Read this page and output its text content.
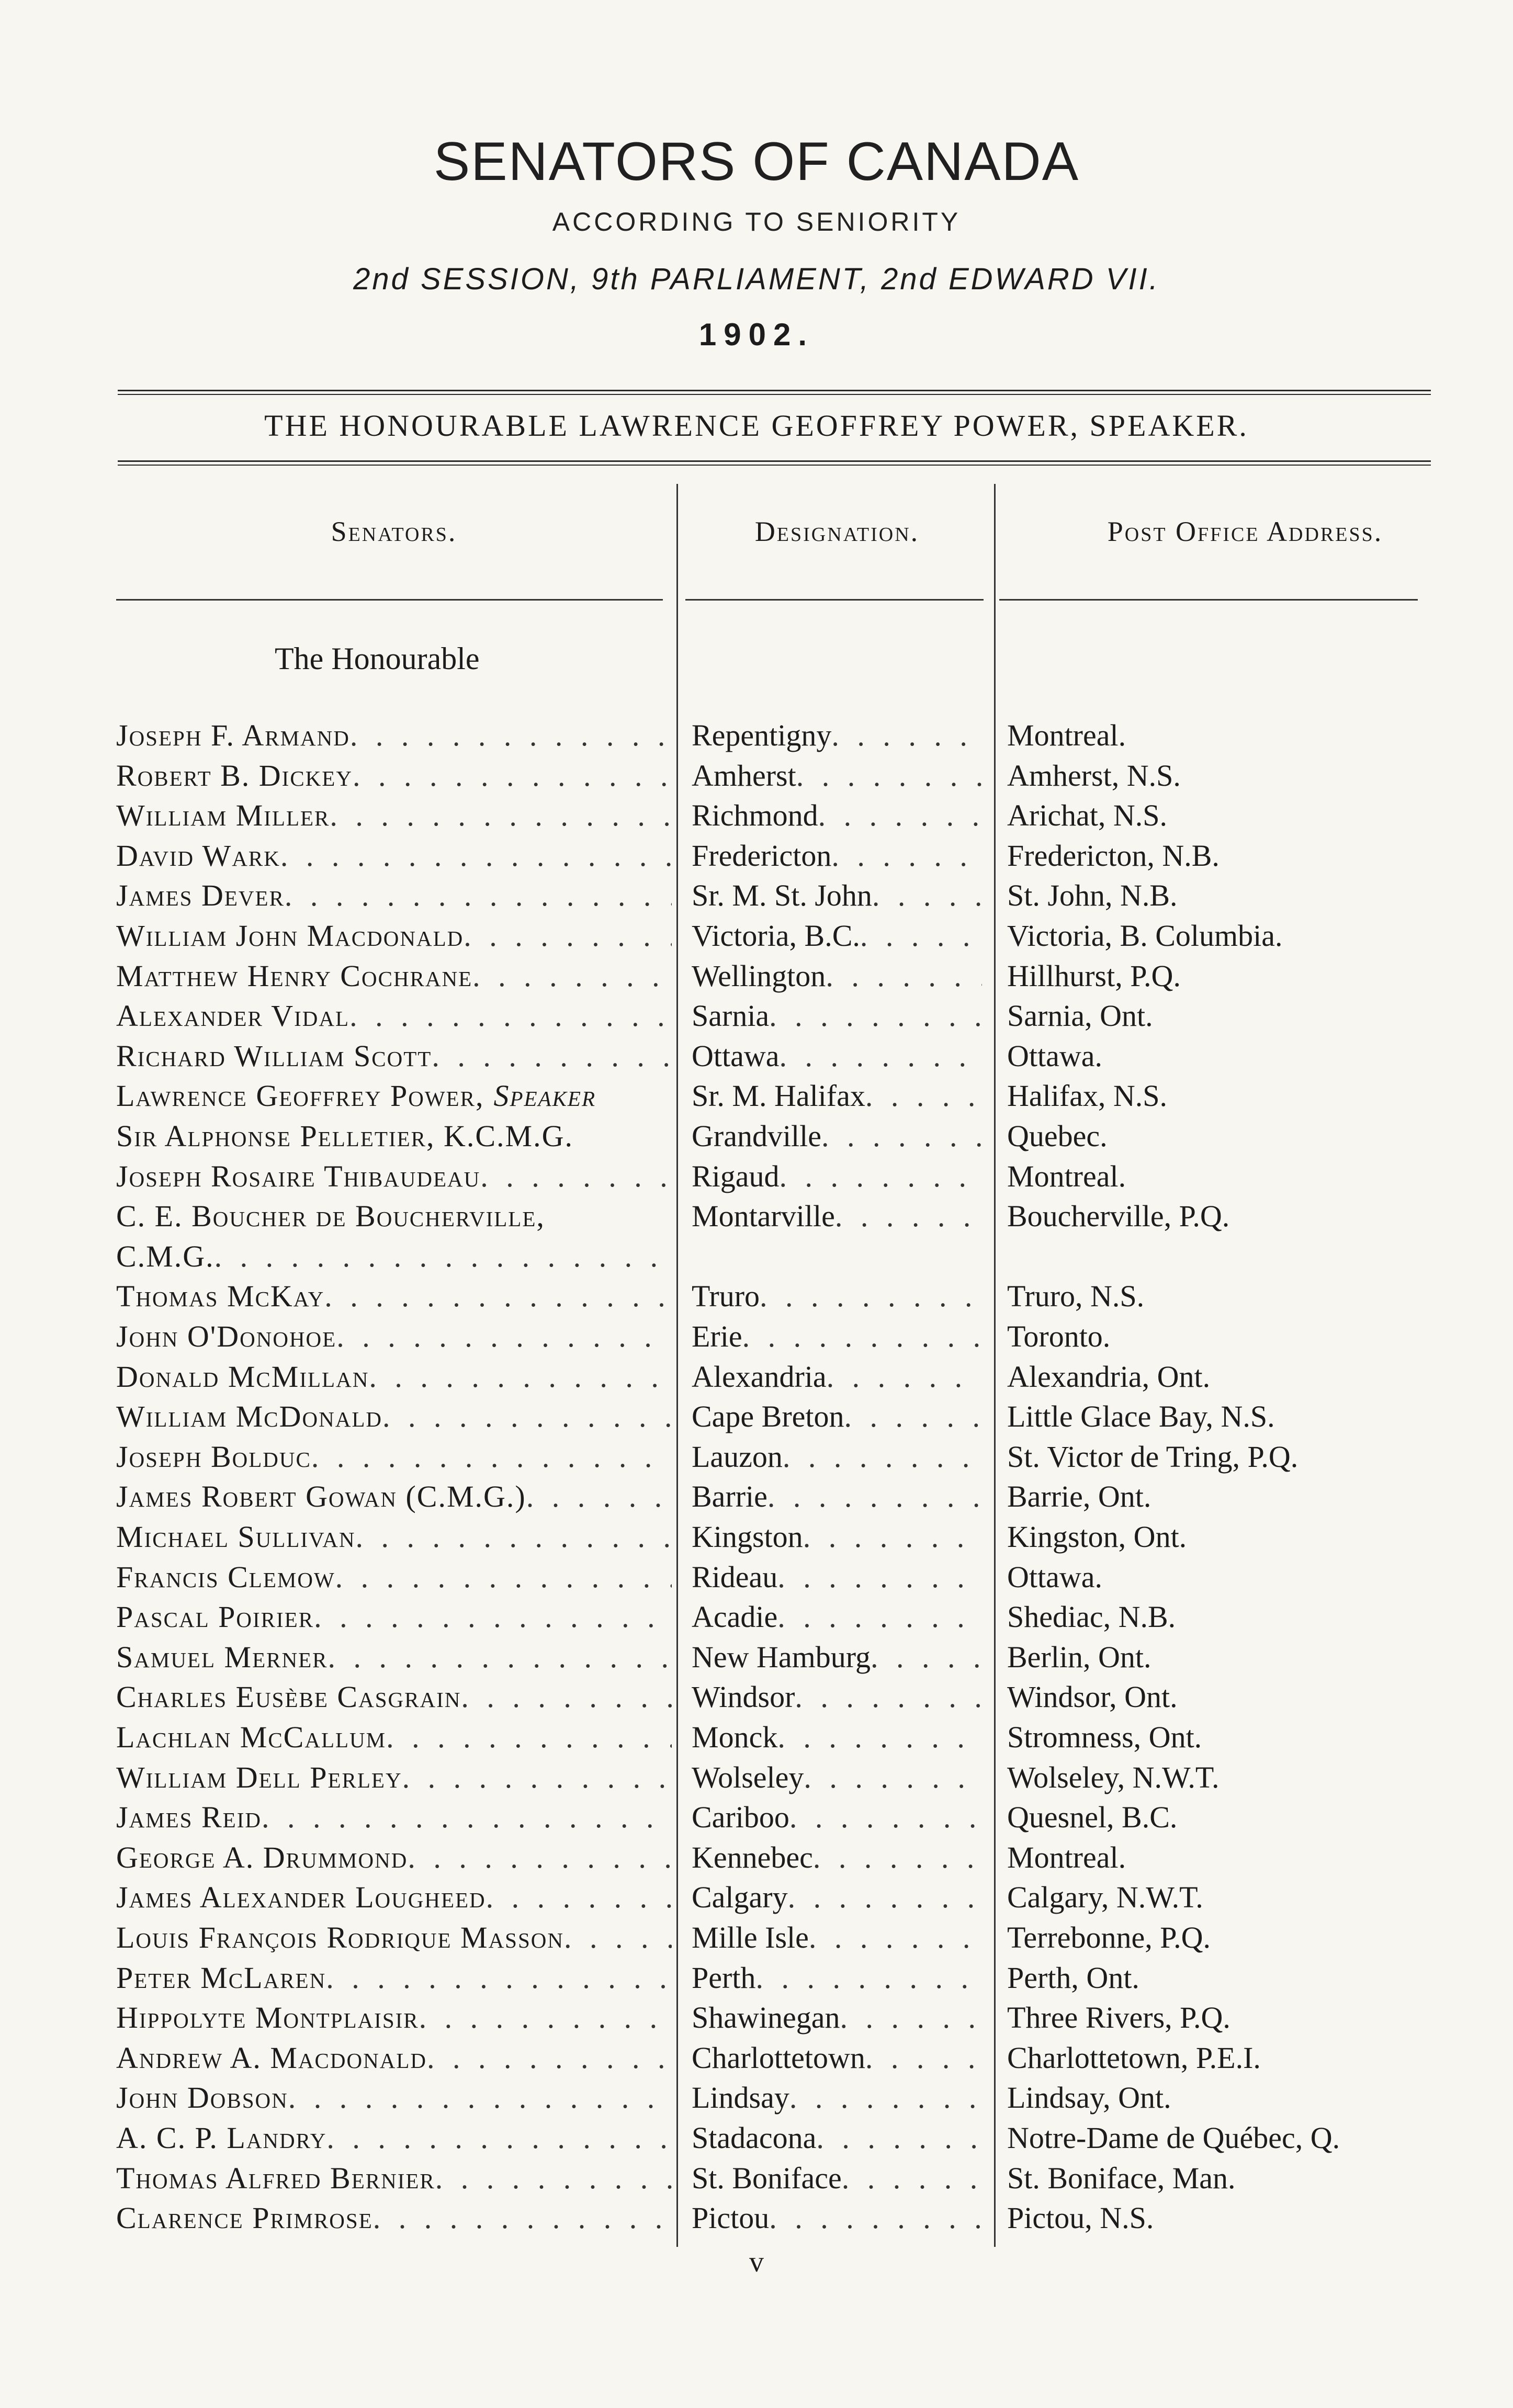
SENATORS OF CANADA
ACCORDING TO SENIORITY
2nd SESSION, 9th PARLIAMENT, 2nd EDWARD VII.
1902.
THE HONOURABLE LAWRENCE GEOFFREY POWER, SPEAKER.
Senators.	Designation.	Post Office Address.
The Honourable
Joseph F. Armand . . .	Repentigny . . .	Montreal.
Robert B. Dickey . . .	Amherst . . .	Amherst, N.S.
William Miller . . .	Richmond . . .	Arichat, N.S.
David Wark . . .	Fredericton . . .	Fredericton, N.B.
James Dever . . .	Sr. M. St. John . . .	St. John, N.B.
William John Macdonald . . .	Victoria, B.C. . . .	Victoria, B. Columbia.
Matthew Henry Cochrane . . .	Wellington . . .	Hillhurst, P.Q.
Alexander Vidal . . .	Sarnia . . .	Sarnia, Ont.
Richard William Scott . . .	Ottawa . . .	Ottawa.
Lawrence Geoffrey Power, Speaker	Sr. M. Halifax . . .	Halifax, N.S.
Sir Alphonse Pelletier, K.C.M.G.	Grandville . . .	Quebec.
Joseph Rosaire Thibaudeau . . .	Rigaud . . .	Montreal.
C. E. Boucher de Boucherville,	Montarville . . .	Boucherville, P.Q.
C.M.G.
. . .
Thomas McKay . . .	Truro . . .	Truro, N.S.
John O'Donohoe . . .	Erie . . .	Toronto.
Donald McMillan . . .	Alexandria . . .	Alexandria, Ont.
William McDonald . . .	Cape Breton . . .	Little Glace Bay, N.S.
Joseph Bolduc . . .	Lauzon . . .	St. Victor de Tring, P.Q.
James Robert Gowan (C.M.G.) . . .	Barrie . . .	Barrie, Ont.
Michael Sullivan . . .	Kingston . . .	Kingston, Ont.
Francis Clemow . . .	Rideau . . .	Ottawa.
Pascal Poirier . . .	Acadie . . .	Shediac, N.B.
Samuel Merner . . .	New Hamburg . . .	Berlin, Ont.
Charles Eusèbe Casgrain . . .	Windsor . . .	Windsor, Ont.
Lachlan McCallum . . .	Monck . . .	Stromness, Ont.
William Dell Perley . . .	Wolseley . . .	Wolseley, N.W.T.
James Reid . . .	Cariboo . . .	Quesnel, B.C.
George A. Drummond . . .	Kennebec . . .	Montreal.
James Alexander Lougheed . . .	Calgary . . .	Calgary, N.W.T.
Louis François Rodrique Masson . . .	Mille Isle . . .	Terrebonne, P.Q.
Peter McLaren . . .	Perth . . .	Perth, Ont.
Hippolyte Montplaisir . . .	Shawinegan . . .	Three Rivers, P.Q.
Andrew A. Macdonald . . .	Charlottetown . . .	Charlottetown, P.E.I.
John Dobson . . .	Lindsay . . .	Lindsay, Ont.
A. C. P. Landry . . .	Stadacona . . .	Notre-Dame de Québec, Q.
Thomas Alfred Bernier . . .	St. Boniface . . .	St. Boniface, Man.
Clarence Primrose . . .	Pictou . . .	Pictou, N.S.
v
